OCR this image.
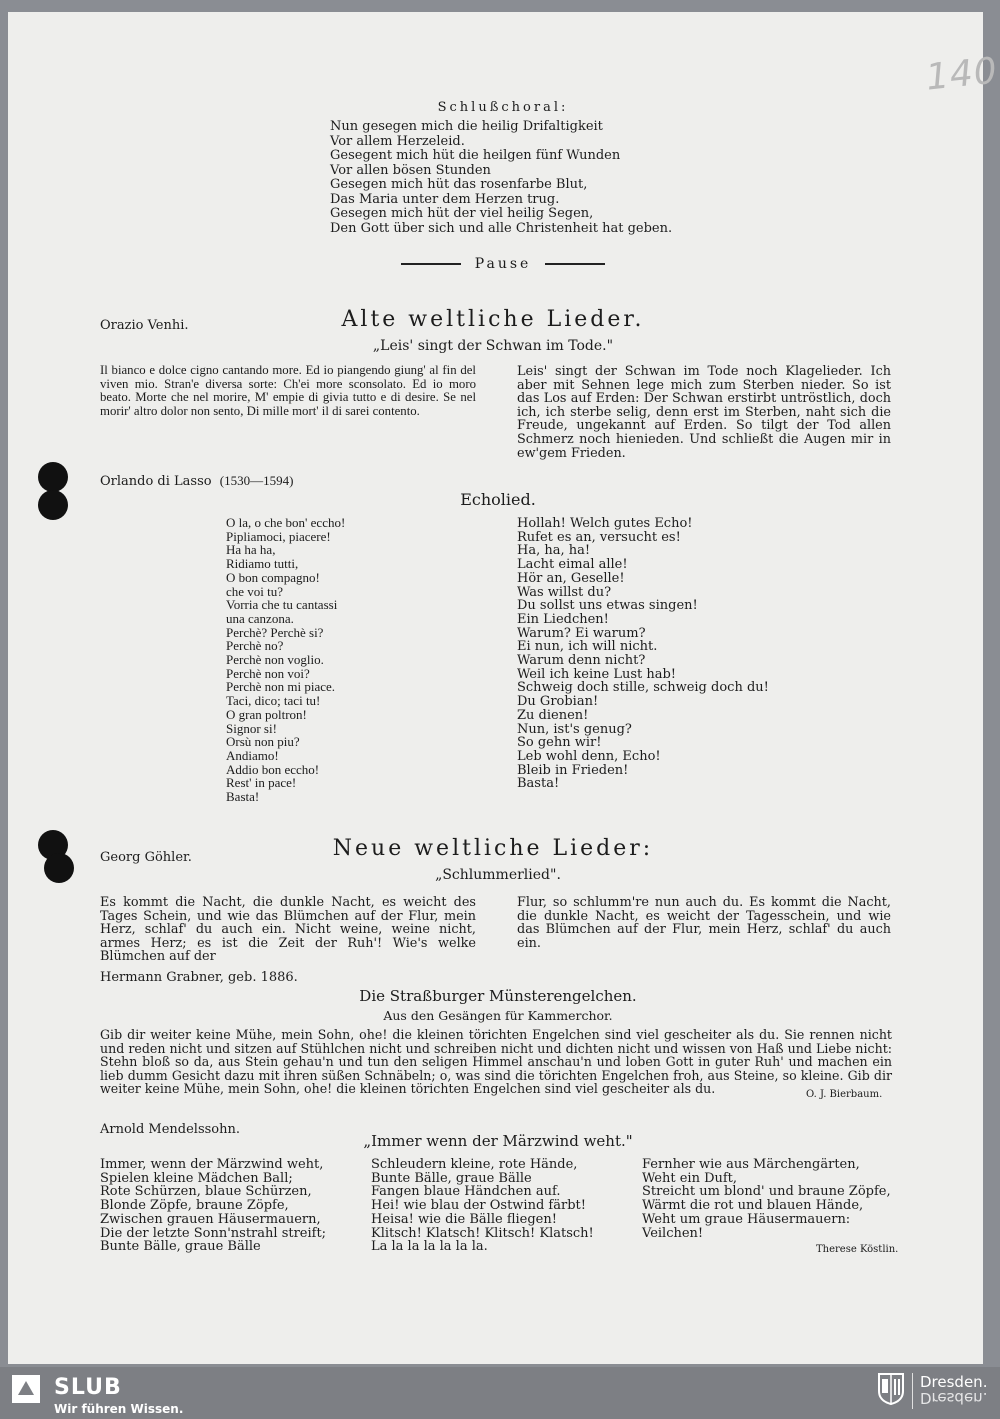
140
Schlußchoral:
Nun gesegen mich die heilig Drifaltigkeit
Vor allem Herzeleid.
Gesegent mich hüt die heilgen fünf Wunden
Vor allen bösen Stunden
Gesegen mich hüt das rosenfarbe Blut,
Das Maria unter dem Herzen trug.
Gesegen mich hüt der viel heilig Segen,
Den Gott über sich und alle Christenheit hat geben.
Pause
Orazio Venhi.	Alte weltliche Lieder.
„Leis' singt der Schwan im Tode."
Il bianco e dolce cigno cantando more. Ed io piangendo giung' al fin del viven mio. Stran'e diversa sorte: Ch'ei more sconsolato. Ed io moro beato. Morte che nel morire, M' empie di givia tutto e di desire. Se nel morir' altro dolor non sento, Di mille mort' il di sarei contento.
Leis' singt der Schwan im Tode noch Klagelieder. Ich aber mit Sehnen lege mich zum Sterben nieder. So ist das Los auf Erden: Der Schwan erstirbt untröstlich, doch ich, ich sterbe selig, denn erst im Sterben, naht sich die Freude, ungekannt auf Erden. So tilgt der Tod allen Schmerz noch hienieden. Und schließt die Augen mir in ew'gem Frieden.
Orlando di Lasso (1530—1594)
Echolied.
O la, o che bon' eccho!
Pipliamoci, piacere!
Ha ha ha,
Ridiamo tutti,
O bon compagno!
che voi tu?
Vorria che tu cantassi
una canzona.
Perchè? Perchè si?
Perchè no?
Perchè non voglio.
Perchè non voi?
Perchè non mi piace.
Taci, dico; taci tu!
O gran poltron!
Signor si!
Orsù non piu?
Andiamo!
Addio bon eccho!
Rest' in pace!
Basta!
Hollah! Welch gutes Echo!
Rufet es an, versucht es!
Ha, ha, ha!
Lacht eimal alle!
Hör an, Geselle!
Was willst du?
Du sollst uns etwas singen!
Ein Liedchen!
Warum? Ei warum?
Ei nun, ich will nicht.
Warum denn nicht?
Weil ich keine Lust hab!
Schweig doch stille, schweig doch du!
Du Grobian!
Zu dienen!
Nun, ist's genug?
So gehn wir!
Leb wohl denn, Echo!
Bleib in Frieden!
Basta!
Georg Göhler.	Neue weltliche Lieder:
„Schlummerlied".
Es kommt die Nacht, die dunkle Nacht, es weicht des Tages Schein, und wie das Blümchen auf der Flur, mein Herz, schlaf' du auch ein. Nicht weine, weine nicht, armes Herz; es ist die Zeit der Ruh'! Wie's welke Blümchen auf der
Flur, so schlumm're nun auch du. Es kommt die Nacht, die dunkle Nacht, es weicht der Tagesschein, und wie das Blümchen auf der Flur, mein Herz, schlaf' du auch ein.
Hermann Grabner, geb. 1886.
Die Straßburger Münsterengelchen.
Aus den Gesängen für Kammerchor.
Gib dir weiter keine Mühe, mein Sohn, ohe! die kleinen törichten Engelchen sind viel gescheiter als du. Sie rennen nicht und reden nicht und sitzen auf Stühlchen nicht und schreiben nicht und dichten nicht und wissen von Haß und Liebe nicht: Stehn bloß so da, aus Stein gehau'n und tun den seligen Himmel anschau'n und loben Gott in guter Ruh' und machen ein lieb dumm Gesicht dazu mit ihren süßen Schnäbeln; o, was sind die törichten Engelchen froh, aus Steine, so kleine. Gib dir weiter keine Mühe, mein Sohn, ohe! die kleinen törichten Engelchen sind viel gescheiter als du.	O. J. Bierbaum.
Arnold Mendelssohn.
„Immer wenn der Märzwind weht."
Immer, wenn der Märzwind weht,
Spielen kleine Mädchen Ball;
Rote Schürzen, blaue Schürzen,
Blonde Zöpfe, braune Zöpfe,
Zwischen grauen Häusermauern,
Die der letzte Sonn'nstrahl streift;
Bunte Bälle, graue Bälle
Schleudern kleine, rote Hände,
Bunte Bälle, graue Bälle
Fangen blaue Händchen auf.
Hei! wie blau der Ostwind färbt!
Heisa! wie die Bälle fliegen!
Klitsch! Klatsch! Klitsch! Klatsch!
La la la la la la la.
Fernher wie aus Märchengärten,
Weht ein Duft,
Streicht um blond' und braune Zöpfe,
Wärmt die rot und blauen Hände,
Weht um graue Häusermauern:
Veilchen!
Therese Köstlin.
SLUB
Wir führen Wissen.
Dresden.
Dresden.
